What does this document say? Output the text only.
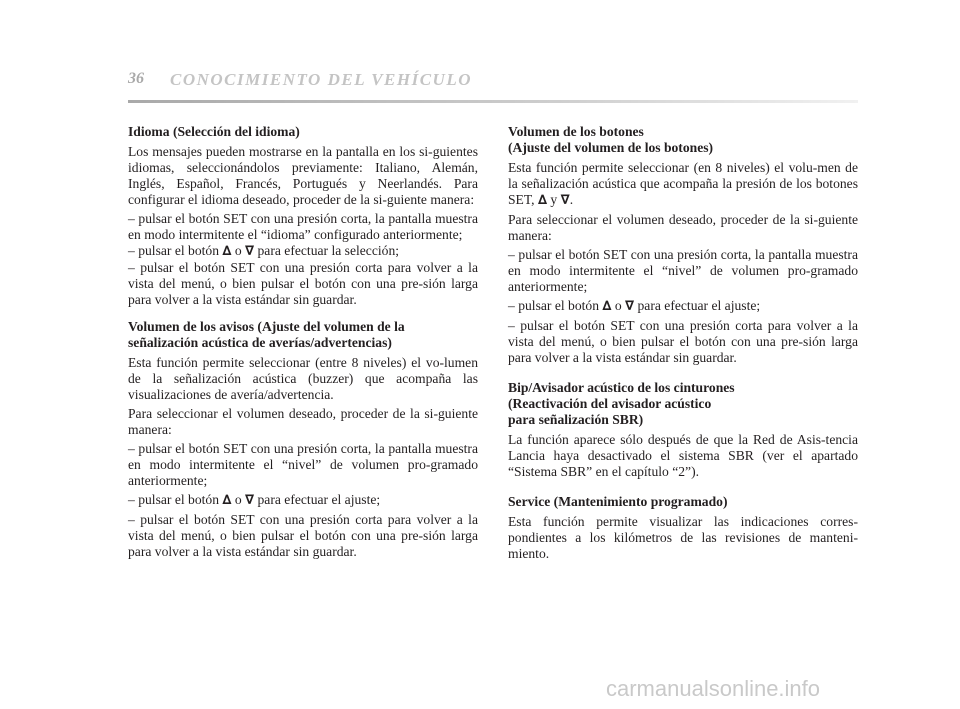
36 CONOCIMIENTO DEL VEHÍCULO
Idioma (Selección del idioma)
Los mensajes pueden mostrarse en la pantalla en los si-guientes idiomas, seleccionándolos previamente: Italiano, Alemán, Inglés, Español, Francés, Portugués y Neerlandés. Para configurar el idioma deseado, proceder de la si-guiente manera:
– pulsar el botón SET con una presión corta, la pantalla muestra en modo intermitente el “idioma” configurado anteriormente;
– pulsar el botón ∆ o ∇ para efectuar la selección;
– pulsar el botón SET con una presión corta para volver a la vista del menú, o bien pulsar el botón con una pre-sión larga para volver a la vista estándar sin guardar.
Volumen de los avisos (Ajuste del volumen de la señalización acústica de averías/advertencias)
Esta función permite seleccionar (entre 8 niveles) el vo-lumen de la señalización acústica (buzzer) que acompaña las visualizaciones de avería/advertencia.
Para seleccionar el volumen deseado, proceder de la si-guiente manera:
– pulsar el botón SET con una presión corta, la pantalla muestra en modo intermitente el “nivel” de volumen pro-gramado anteriormente;
– pulsar el botón ∆ o ∇ para efectuar el ajuste;
– pulsar el botón SET con una presión corta para volver a la vista del menú, o bien pulsar el botón con una pre-sión larga para volver a la vista estándar sin guardar.
Volumen de los botones
(Ajuste del volumen de los botones)
Esta función permite seleccionar (en 8 niveles) el volu-men de la señalización acústica que acompaña la presión de los botones SET, ∆ y ∇.
Para seleccionar el volumen deseado, proceder de la si-guiente manera:
– pulsar el botón SET con una presión corta, la pantalla muestra en modo intermitente el “nivel” de volumen pro-gramado anteriormente;
– pulsar el botón ∆ o ∇ para efectuar el ajuste;
– pulsar el botón SET con una presión corta para volver a la vista del menú, o bien pulsar el botón con una pre-sión larga para volver a la vista estándar sin guardar.
Bip/Avisador acústico de los cinturones
(Reactivación del avisador acústico
para señalización SBR)
La función aparece sólo después de que la Red de Asis-tencia Lancia haya desactivado el sistema SBR (ver el apartado “Sistema SBR” en el capítulo “2”).
Service (Mantenimiento programado)
Esta función permite visualizar las indicaciones corres-pondientes a los kilómetros de las revisiones de manteni-miento.
carmanualsonline.info
